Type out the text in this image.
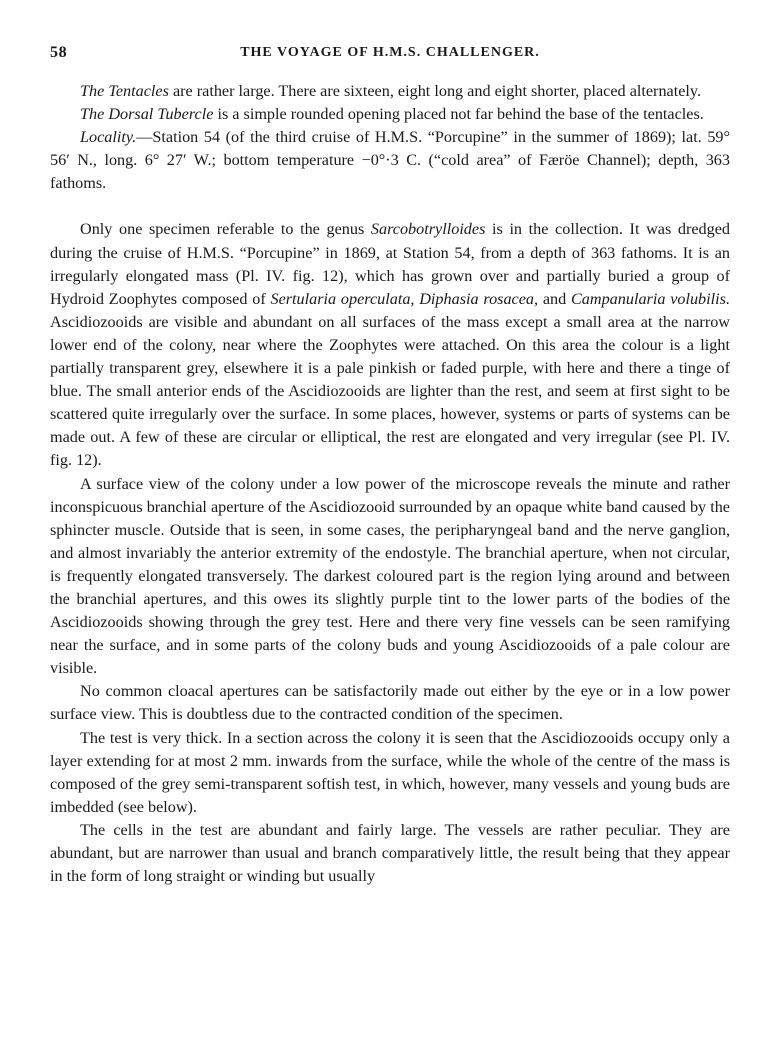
58	THE VOYAGE OF H.M.S. CHALLENGER.

The Tentacles are rather large. There are sixteen, eight long and eight shorter, placed alternately.

The Dorsal Tubercle is a simple rounded opening placed not far behind the base of the tentacles.

Locality.—Station 54 (of the third cruise of H.M.S. “Porcupine” in the summer of 1869); lat. 59° 56′ N., long. 6° 27′ W.; bottom temperature −0°·3 C. (“cold area” of Færöe Channel); depth, 363 fathoms.

Only one specimen referable to the genus Sarcobotrylloides is in the collection. It was dredged during the cruise of H.M.S. “Porcupine” in 1869, at Station 54, from a depth of 363 fathoms. It is an irregularly elongated mass (Pl. IV. fig. 12), which has grown over and partially buried a group of Hydroid Zoophytes composed of Sertularia operculata, Diphasia rosacea, and Campanularia volubilis. Ascidiozooids are visible and abundant on all surfaces of the mass except a small area at the narrow lower end of the colony, near where the Zoophytes were attached. On this area the colour is a light partially transparent grey, elsewhere it is a pale pinkish or faded purple, with here and there a tinge of blue. The small anterior ends of the Ascidiozooids are lighter than the rest, and seem at first sight to be scattered quite irregularly over the surface. In some places, however, systems or parts of systems can be made out. A few of these are circular or elliptical, the rest are elongated and very irregular (see Pl. IV. fig. 12).

A surface view of the colony under a low power of the microscope reveals the minute and rather inconspicuous branchial aperture of the Ascidiozooid surrounded by an opaque white band caused by the sphincter muscle. Outside that is seen, in some cases, the peripharyngeal band and the nerve ganglion, and almost invariably the anterior extremity of the endostyle. The branchial aperture, when not circular, is frequently elongated transversely. The darkest coloured part is the region lying around and between the branchial apertures, and this owes its slightly purple tint to the lower parts of the bodies of the Ascidiozooids showing through the grey test. Here and there very fine vessels can be seen ramifying near the surface, and in some parts of the colony buds and young Ascidiozooids of a pale colour are visible.

No common cloacal apertures can be satisfactorily made out either by the eye or in a low power surface view. This is doubtless due to the contracted condition of the specimen.

The test is very thick. In a section across the colony it is seen that the Ascidiozooids occupy only a layer extending for at most 2 mm. inwards from the surface, while the whole of the centre of the mass is composed of the grey semi-transparent softish test, in which, however, many vessels and young buds are imbedded (see below).

The cells in the test are abundant and fairly large. The vessels are rather peculiar. They are abundant, but are narrower than usual and branch comparatively little, the result being that they appear in the form of long straight or winding but usually
